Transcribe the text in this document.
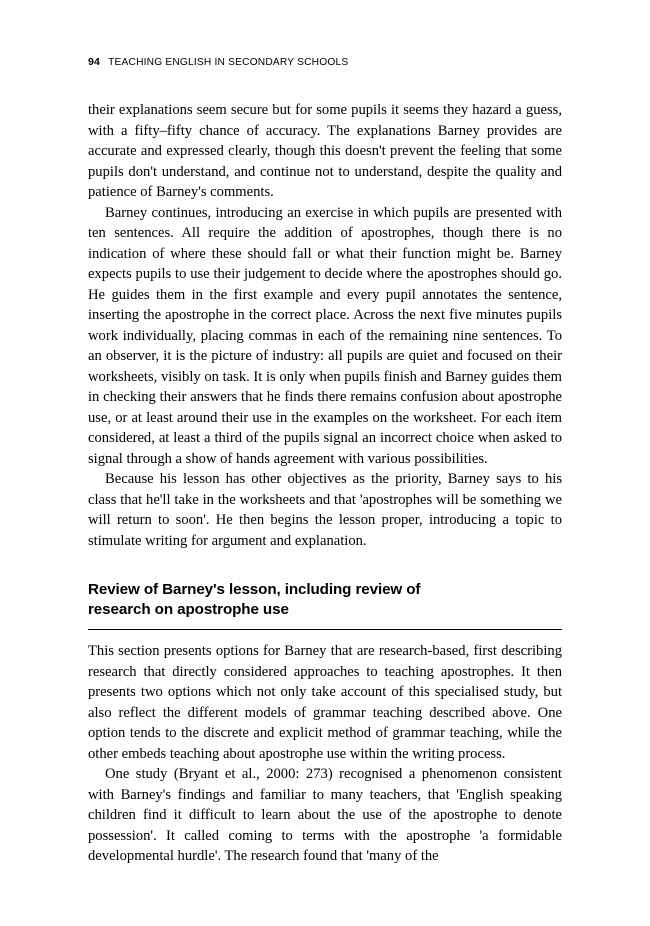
94 TEACHING ENGLISH IN SECONDARY SCHOOLS

their explanations seem secure but for some pupils it seems they hazard a guess, with a fifty–fifty chance of accuracy. The explanations Barney provides are accurate and expressed clearly, though this doesn't prevent the feeling that some pupils don't understand, and continue not to understand, despite the quality and patience of Barney's comments.

Barney continues, introducing an exercise in which pupils are presented with ten sentences. All require the addition of apostrophes, though there is no indication of where these should fall or what their function might be. Barney expects pupils to use their judgement to decide where the apostrophes should go. He guides them in the first example and every pupil annotates the sentence, inserting the apostrophe in the correct place. Across the next five minutes pupils work individually, placing commas in each of the remaining nine sentences. To an observer, it is the picture of industry: all pupils are quiet and focused on their worksheets, visibly on task. It is only when pupils finish and Barney guides them in checking their answers that he finds there remains confusion about apostrophe use, or at least around their use in the examples on the worksheet. For each item considered, at least a third of the pupils signal an incorrect choice when asked to signal through a show of hands agreement with various possibilities.

Because his lesson has other objectives as the priority, Barney says to his class that he'll take in the worksheets and that 'apostrophes will be something we will return to soon'. He then begins the lesson proper, introducing a topic to stimulate writing for argument and explanation.

Review of Barney's lesson, including review of
research on apostrophe use

This section presents options for Barney that are research-based, first describing research that directly considered approaches to teaching apostrophes. It then presents two options which not only take account of this specialised study, but also reflect the different models of grammar teaching described above. One option tends to the discrete and explicit method of grammar teaching, while the other embeds teaching about apostrophe use within the writing process.

One study (Bryant et al., 2000: 273) recognised a phenomenon consistent with Barney's findings and familiar to many teachers, that 'English speaking children find it difficult to learn about the use of the apostrophe to denote possession'. It called coming to terms with the apostrophe 'a formidable developmental hurdle'. The research found that 'many of the
